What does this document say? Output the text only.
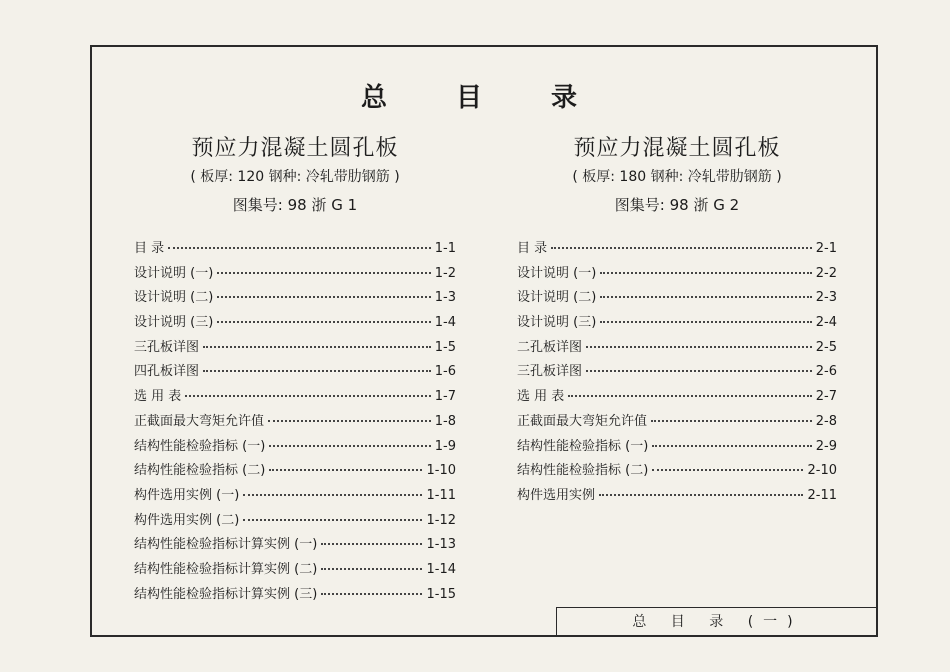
总 目 录
预应力混凝土圆孔板
( 板厚: 120 钢种: 冷轧带肋钢筋 )
图集号: 98 浙 G 1
目 录	1-1
设计说明 (一)	1-2
设计说明 (二)	1-3
设计说明 (三)	1-4
三孔板详图	1-5
四孔板详图	1-6
选 用 表	1-7
正截面最大弯矩允许值	1-8
结构性能检验指标 (一)	1-9
结构性能检验指标 (二)	1-10
构件选用实例 (一)	1-11
构件选用实例 (二)	1-12
结构性能检验指标计算实例 (一)	1-13
结构性能检验指标计算实例 (二)	1-14
结构性能检验指标计算实例 (三)	1-15
预应力混凝土圆孔板
( 板厚: 180 钢种: 冷轧带肋钢筋 )
图集号: 98 浙 G 2
目 录	2-1
设计说明 (一)	2-2
设计说明 (二)	2-3
设计说明 (三)	2-4
二孔板详图	2-5
三孔板详图	2-6
选 用 表	2-7
正截面最大弯矩允许值	2-8
结构性能检验指标 (一)	2-9
结构性能检验指标 (二)	2-10
构件选用实例	2-11
总 目 录 (一)
